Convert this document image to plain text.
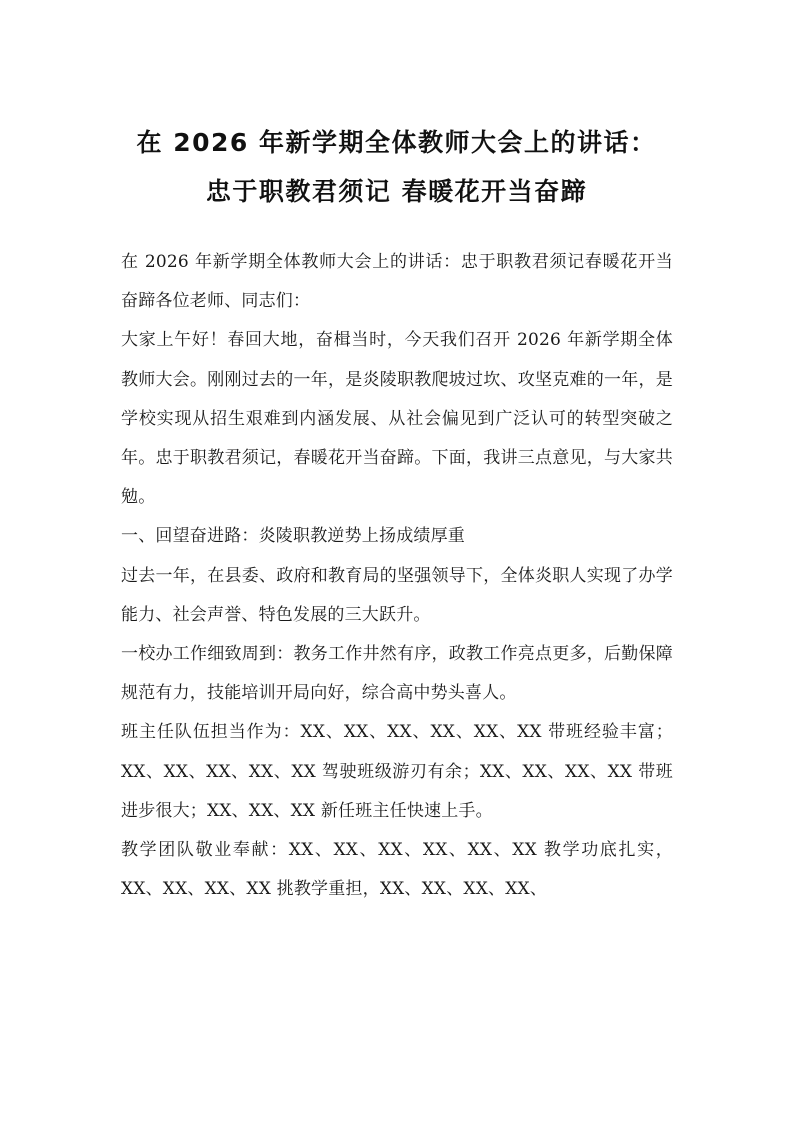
在 2026 年新学期全体教师大会上的讲话：
忠于职教君须记 春暖花开当奋蹄

在 2026 年新学期全体教师大会上的讲话：忠于职教君须记春暖花开当奋蹄各位老师、同志们：

大家上午好！春回大地，奋楫当时，今天我们召开 2026 年新学期全体教师大会。刚刚过去的一年，是炎陵职教爬坡过坎、攻坚克难的一年，是学校实现从招生艰难到内涵发展、从社会偏见到广泛认可的转型突破之年。忠于职教君须记，春暖花开当奋蹄。下面，我讲三点意见，与大家共勉。

一、回望奋进路：炎陵职教逆势上扬成绩厚重

过去一年，在县委、政府和教育局的坚强领导下，全体炎职人实现了办学能力、社会声誉、特色发展的三大跃升。

一校办工作细致周到：教务工作井然有序，政教工作亮点更多，后勤保障规范有力，技能培训开局向好，综合高中势头喜人。

班主任队伍担当作为：XX、XX、XX、XX、XX、XX 带班经验丰富；XX、XX、XX、XX、XX 驾驶班级游刃有余；XX、XX、XX、XX 带班进步很大；XX、XX、XX 新任班主任快速上手。

教学团队敬业奉献：XX、XX、XX、XX、XX、XX 教学功底扎实，XX、XX、XX、XX 挑教学重担，XX、XX、XX、XX、
